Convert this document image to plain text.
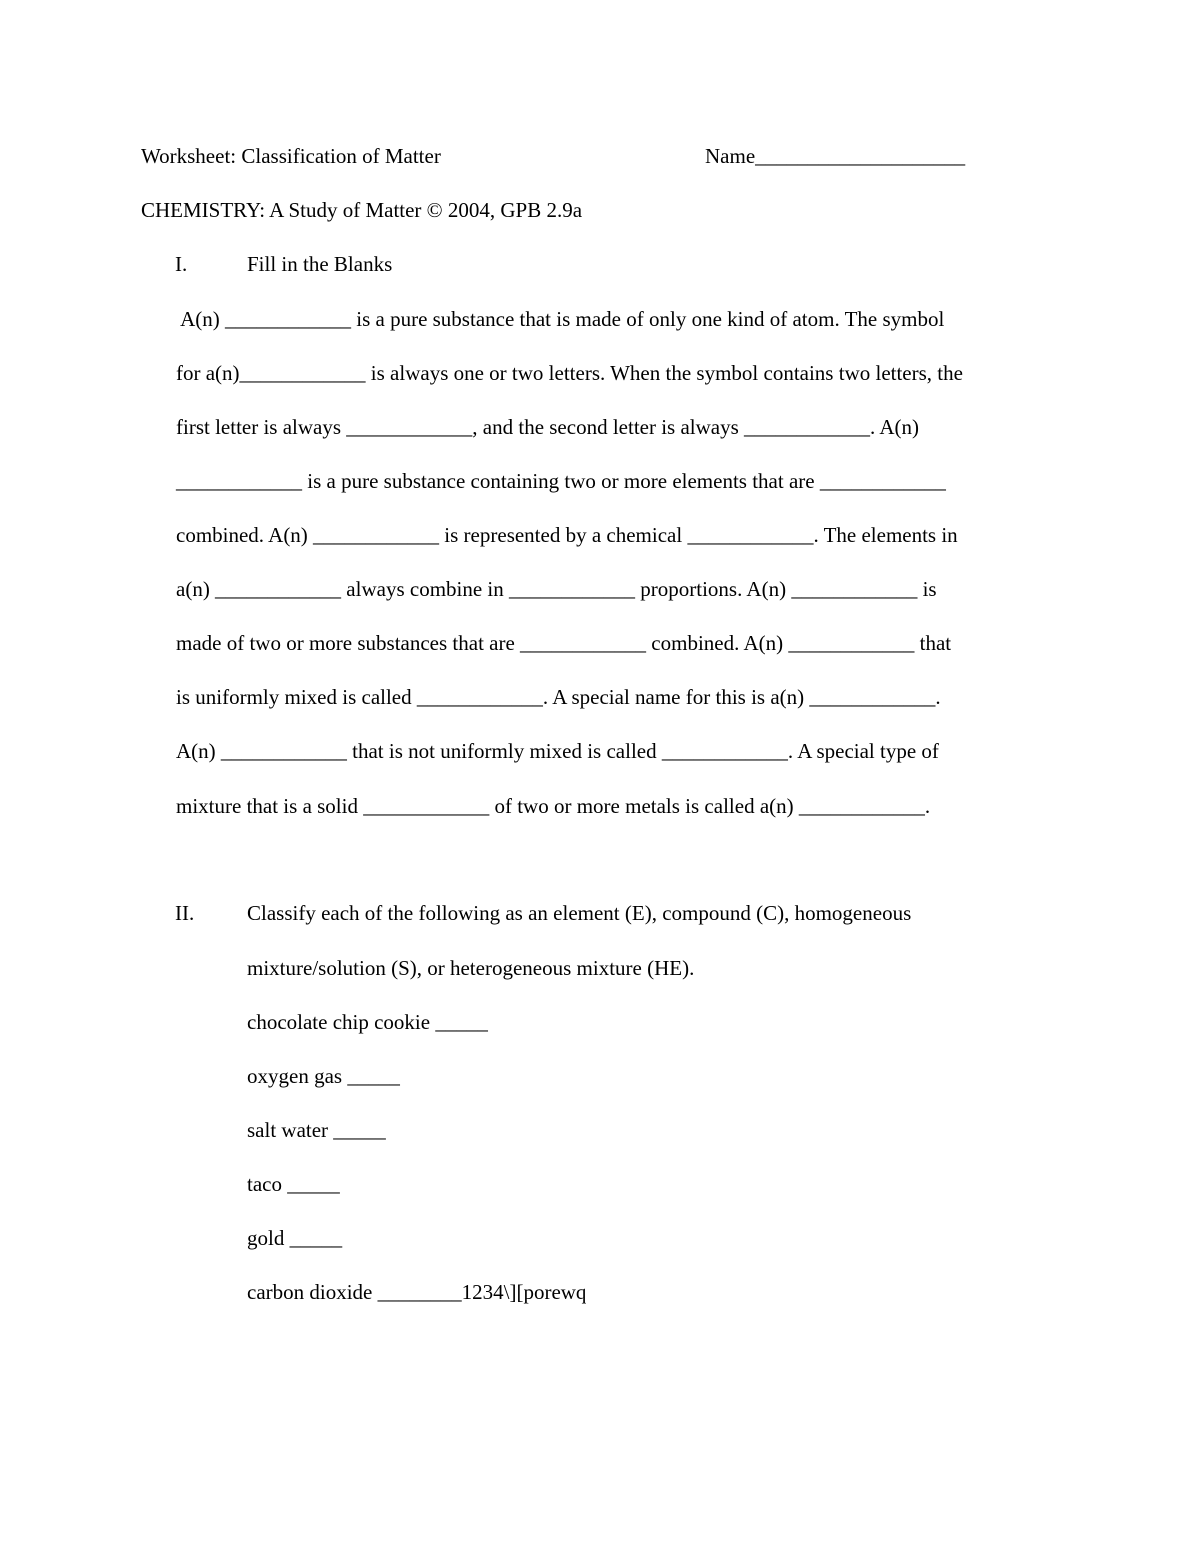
Worksheet: Classification of Matter	Name____________________
CHEMISTRY: A Study of Matter © 2004, GPB 2.9a
I.	Fill in the Blanks
A(n) ____________ is a pure substance that is made of only one kind of atom. The symbol
for a(n)____________ is always one or two letters. When the symbol contains two letters, the
first letter is always ____________, and the second letter is always ____________. A(n)
____________ is a pure substance containing two or more elements that are ____________
combined. A(n) ____________ is represented by a chemical ____________. The elements in
a(n) ____________ always combine in ____________ proportions. A(n) ____________ is
made of two or more substances that are ____________ combined. A(n) ____________ that
is uniformly mixed is called ____________. A special name for this is a(n) ____________.
A(n) ____________ that is not uniformly mixed is called ____________. A special type of
mixture that is a solid ____________ of two or more metals is called a(n) ____________.
II.	Classify each of the following as an element (E), compound (C), homogeneous
mixture/solution (S), or heterogeneous mixture (HE).
chocolate chip cookie _____
oxygen gas _____
salt water _____
taco _____
gold _____
carbon dioxide ________1234\][porewq
